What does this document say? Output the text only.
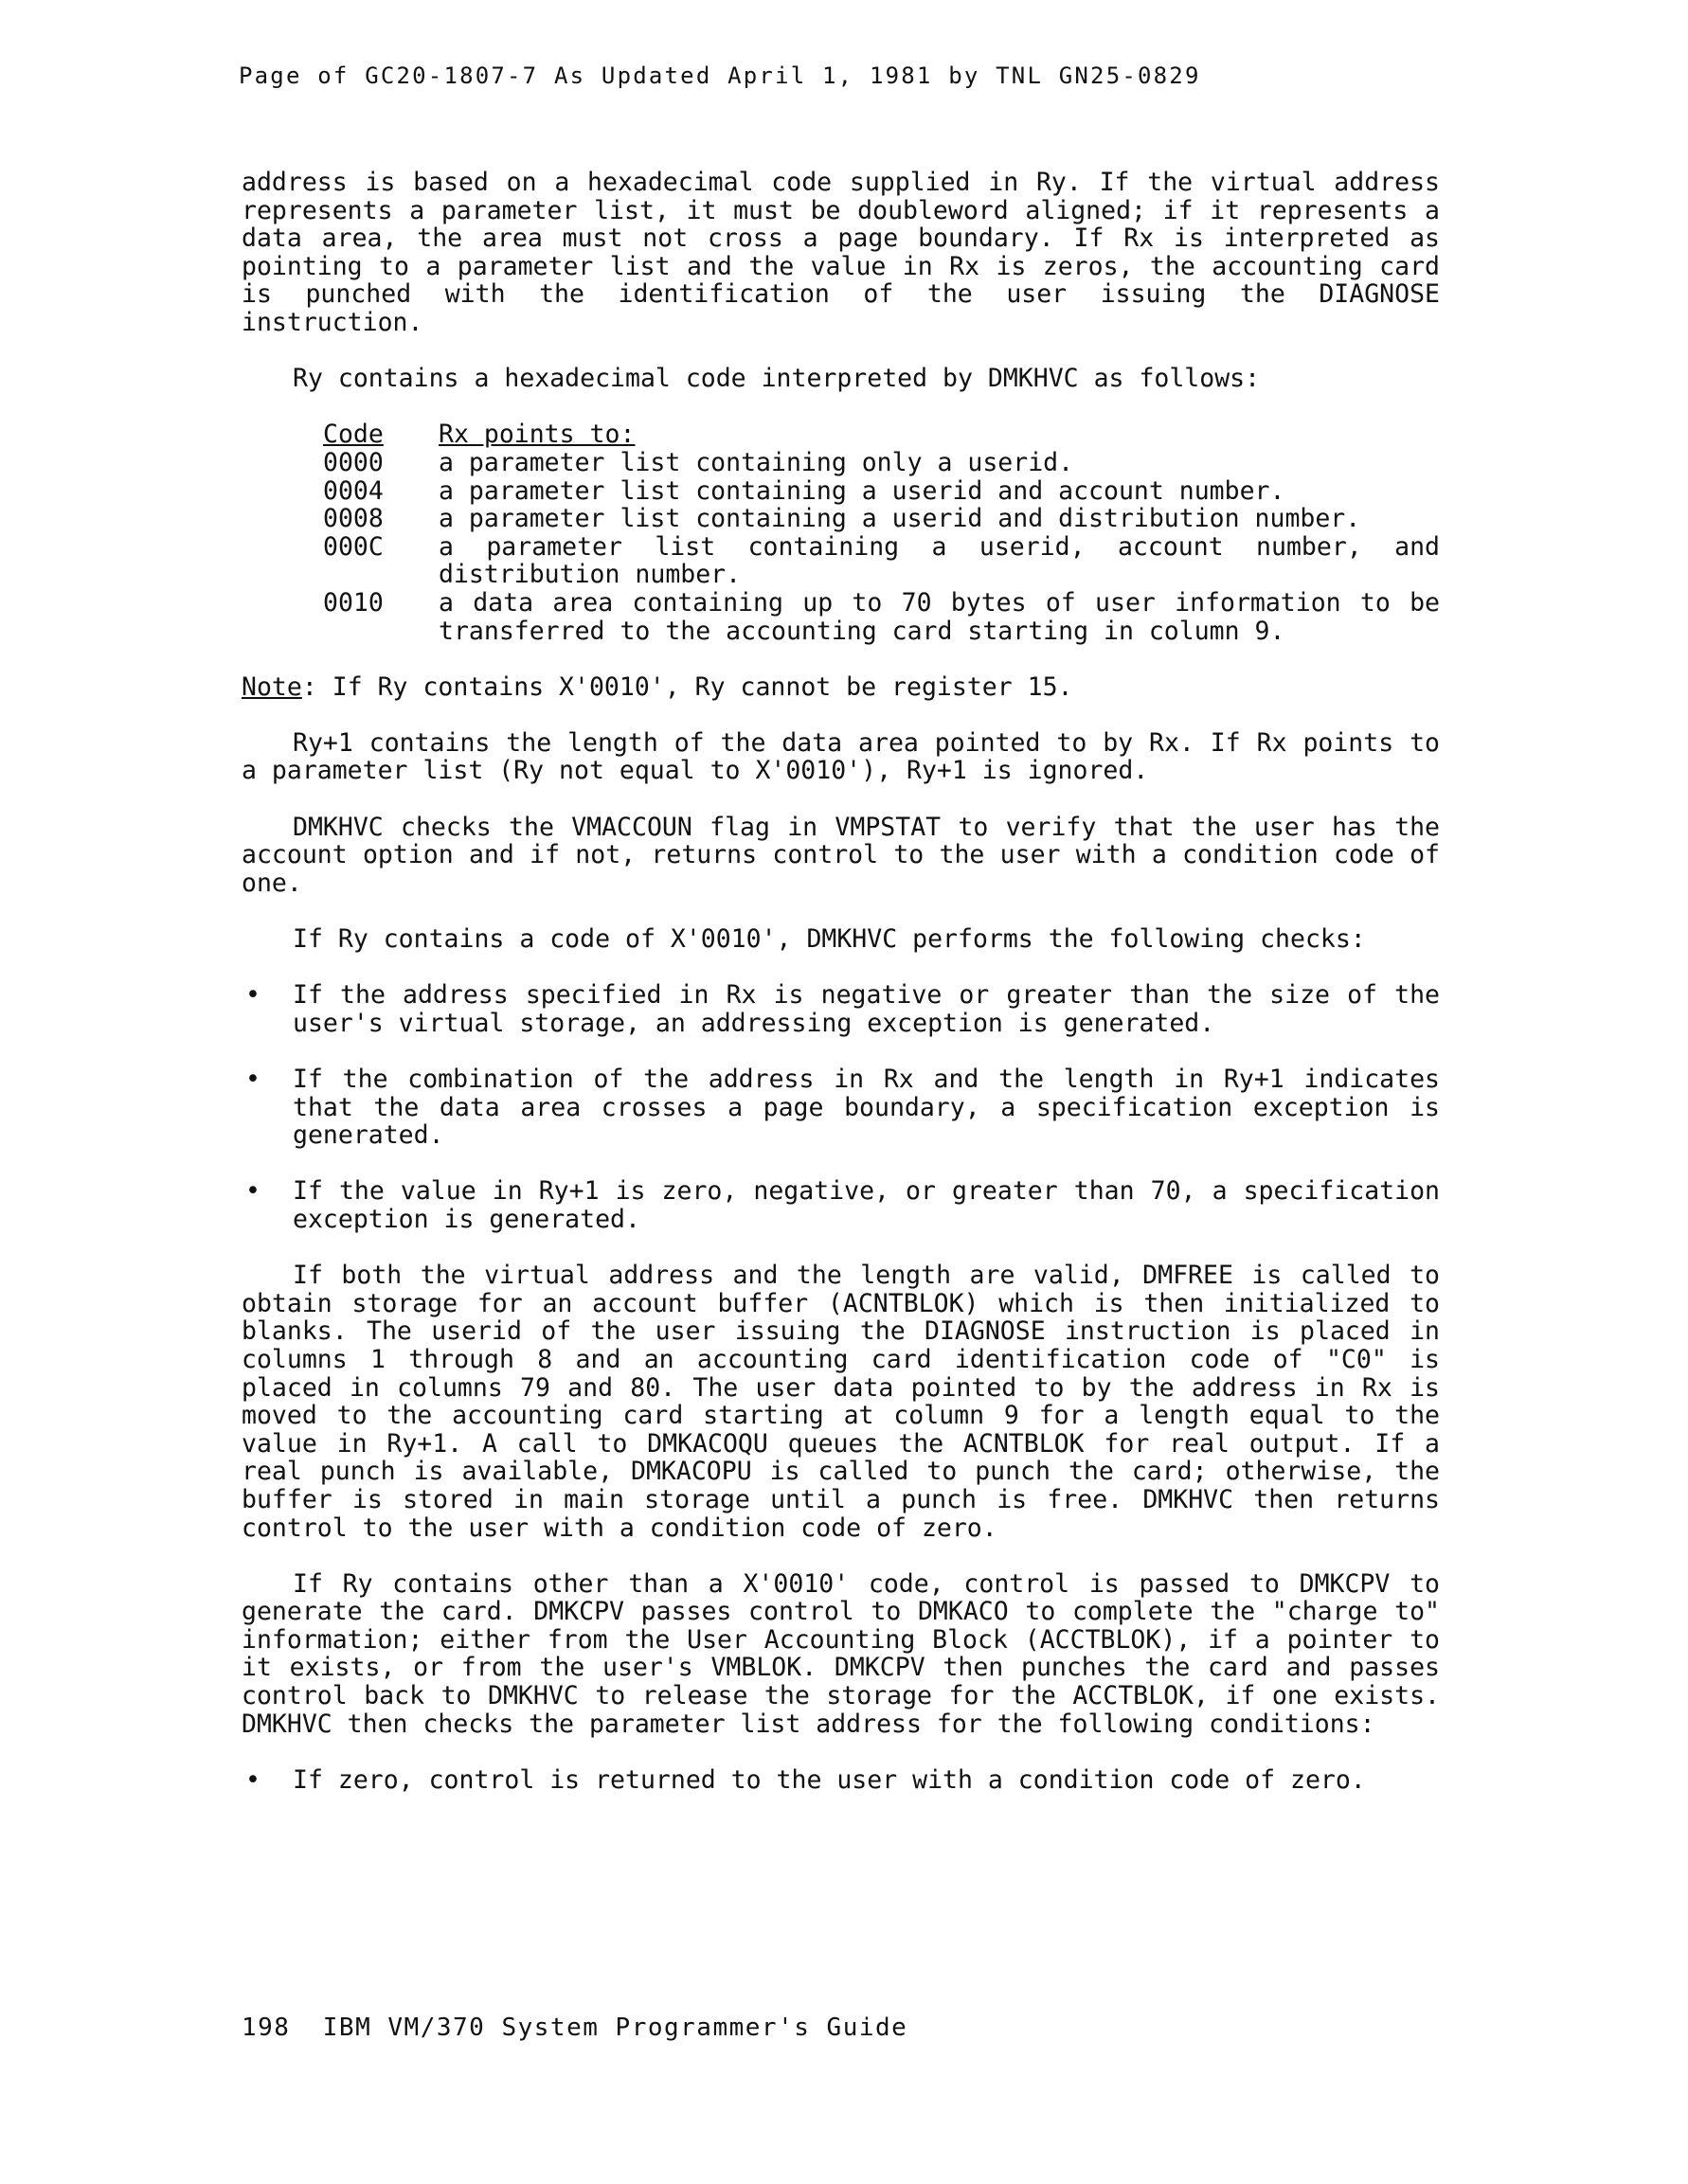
Page of GC20-1807-7 As Updated April 1, 1981 by TNL GN25-0829

address is based on a hexadecimal code supplied in Ry. If the virtual address represents a parameter list, it must be doubleword aligned; if it represents a data area, the area must not cross a page boundary. If Rx is interpreted as pointing to a parameter list and the value in Rx is zeros, the accounting card is punched with the identification of the user issuing the DIAGNOSE instruction.

Ry contains a hexadecimal code interpreted by DMKHVC as follows:

Code	Rx points to:
0000	a parameter list containing only a userid.
0004	a parameter list containing a userid and account number.
0008	a parameter list containing a userid and distribution number.
000C	a parameter list containing a userid, account number, and distribution number.
0010	a data area containing up to 70 bytes of user information to be transferred to the accounting card starting in column 9.

Note: If Ry contains X'0010', Ry cannot be register 15.

Ry+1 contains the length of the data area pointed to by Rx. If Rx points to a parameter list (Ry not equal to X'0010'), Ry+1 is ignored.

DMKHVC checks the VMACCOUN flag in VMPSTAT to verify that the user has the account option and if not, returns control to the user with a condition code of one.

If Ry contains a code of X'0010', DMKHVC performs the following checks:

• If the address specified in Rx is negative or greater than the size of the user's virtual storage, an addressing exception is generated.
• If the combination of the address in Rx and the length in Ry+1 indicates that the data area crosses a page boundary, a specification exception is generated.
• If the value in Ry+1 is zero, negative, or greater than 70, a specification exception is generated.

If both the virtual address and the length are valid, DMFREE is called to obtain storage for an account buffer (ACNTBLOK) which is then initialized to blanks. The userid of the user issuing the DIAGNOSE instruction is placed in columns 1 through 8 and an accounting card identification code of "C0" is placed in columns 79 and 80. The user data pointed to by the address in Rx is moved to the accounting card starting at column 9 for a length equal to the value in Ry+1. A call to DMKACOQU queues the ACNTBLOK for real output. If a real punch is available, DMKACOPU is called to punch the card; otherwise, the buffer is stored in main storage until a punch is free. DMKHVC then returns control to the user with a condition code of zero.

If Ry contains other than a X'0010' code, control is passed to DMKCPV to generate the card. DMKCPV passes control to DMKACO to complete the "charge to" information; either from the User Accounting Block (ACCTBLOK), if a pointer to it exists, or from the user's VMBLOK. DMKCPV then punches the card and passes control back to DMKHVC to release the storage for the ACCTBLOK, if one exists. DMKHVC then checks the parameter list address for the following conditions:

• If zero, control is returned to the user with a condition code of zero.
198 IBM VM/370 System Programmer's Guide
